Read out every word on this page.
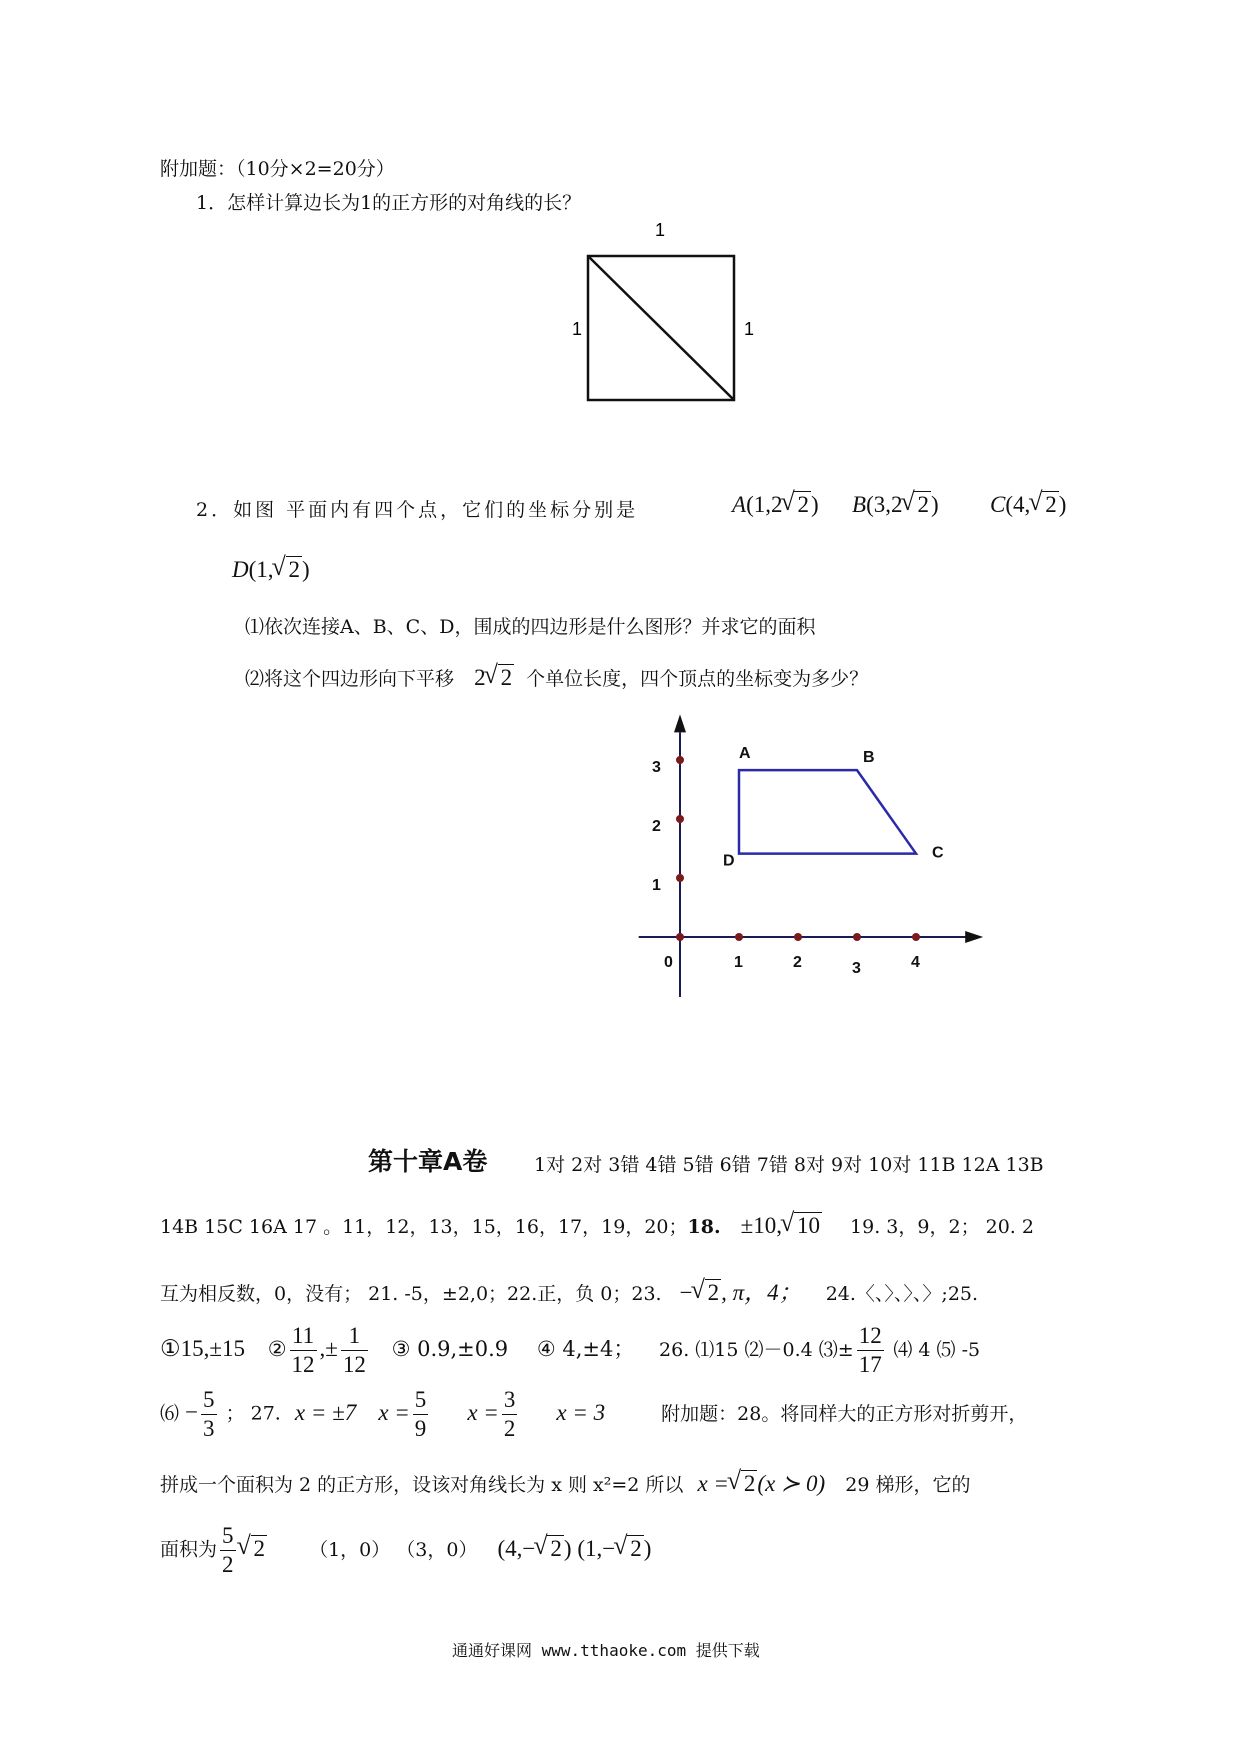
附加题：（10分×2=20分）
1．怎样计算边长为1的正方形的对角线的长？
1
1	1
2．如图 平面内有四个点，它们的坐标分别是	A(1,2 √ 2) B(3,2 √ 2) C(4, √ 2)
D(1, √ 2)
⑴依次连接A、B、C、D，围成的四边形是什么图形？并求它的面积
⑵将这个四边形向下平移 2 √ 2 个单位长度，四个顶点的坐标变为多少？
0	1	2	3	4
1
2
3
A	B
C
D
第十章A卷 1对 2对 3错 4错 5错 6错 7错 8对 9对 10对 11B 12A 13B
14B 15C 16A 17 。11，12，13，15，16，17，19，20；18. ±10, √ 10 19. 3，9，2； 20. 2
互为相反数，0，没有； 21. -5，±2,0；22.正，负 0；23. − √ 2, π，4； 24.〈、〉、〉、〉;25.
①15,±15 ② $\frac{11}{12}$ ,± $\frac{1}{12}$ ③ 0.9,±0.9 ④ 4,±4； 26. ⑴15 ⑵－0.4 ⑶± $\frac{12}{17}$ ⑷ 4 ⑸ -5
⑹ − $\frac{5}{3}$ ； 27. x = ±7 $x = \frac{5}{9}$ $x = \frac{3}{2}$ x = 3	附加题：28。将同样大的正方形对折剪开，
拼成一个面积为 2 的正方形，设该对角线长为 x 则 x²=2 所以 x = √ 2(x ≻ 0) 29 梯形，它的
面积为 $\frac{5}{2}$ √ 2 （1，0） （3，0） (4,− √ 2) (1,− √ 2)
通通好课网 www.tthaoke.com 提供下载
